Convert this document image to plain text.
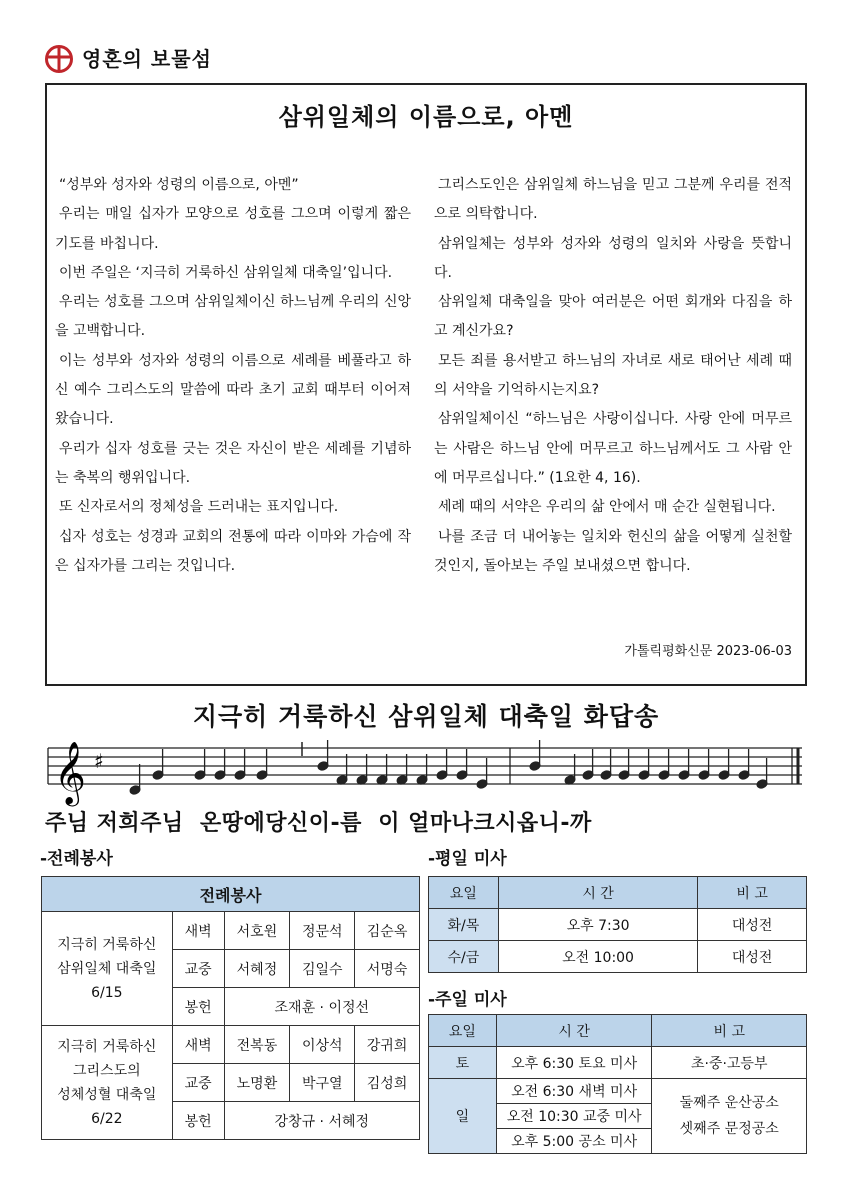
영혼의 보물섬
삼위일체의 이름으로, 아멘

“성부와 성자와 성령의 이름으로, 아멘”

우리는 매일 십자가 모양으로 성호를 그으며 이렇게 짧은 기도를 바칩니다.

이번 주일은 ‘지극히 거룩하신 삼위일체 대축일’입니다.

우리는 성호를 그으며 삼위일체이신 하느님께 우리의 신앙을 고백합니다.

이는 성부와 성자와 성령의 이름으로 세례를 베풀라고 하신 예수 그리스도의 말씀에 따라 초기 교회 때부터 이어져 왔습니다.

우리가 십자 성호를 긋는 것은 자신이 받은 세례를 기념하는 축복의 행위입니다.

또 신자로서의 정체성을 드러내는 표지입니다.

십자 성호는 성경과 교회의 전통에 따라 이마와 가슴에 작은 십자가를 그리는 것입니다.

그리스도인은 삼위일체 하느님을 믿고 그분께 우리를 전적으로 의탁합니다.

삼위일체는 성부와 성자와 성령의 일치와 사랑을 뜻합니다.

삼위일체 대축일을 맞아 여러분은 어떤 회개와 다짐을 하고 계신가요?

모든 죄를 용서받고 하느님의 자녀로 새로 태어난 세례 때의 서약을 기억하시는지요?

삼위일체이신 “하느님은 사랑이십니다. 사랑 안에 머무르는 사람은 하느님 안에 머무르고 하느님께서도 그 사람 안에 머무르십니다.” (1요한 4, 16).

세례 때의 서약은 우리의 삶 안에서 매 순간 실현됩니다.

나를 조금 더 내어놓는 일치와 헌신의 삶을 어떻게 실천할 것인지, 돌아보는 주일 보내셨으면 합니다.

가톨릭평화신문 2023-06-03
지극히 거룩하신 삼위일체 대축일 화답송
𝄞 ♯
주님 저희주님  온땅에당신이-름  이 얼마나크시옵니-까
-전례봉사
전례봉사				

지극히 거룩하신
삼위일체 대축일
6/15	새벽	서호원	정문석	김순옥
	교중	서혜정	김일수	서명숙
	봉헌	조재훈 · 이정선		

지극히 거룩하신
그리스도의
성체성혈 대축일
6/22	새벽	전복동	이상석	강귀희
	교중	노명환	박구열	김성희
	봉헌	강창규 · 서혜정		
-평일 미사
요일	시 간	비 고
화/목	오후 7:30	대성전
수/금	오전 10:00	대성전
-주일 미사
요일	시 간	비 고
토	오후 6:30 토요 미사	초·중·고등부
일	오전 6:30 새벽 미사	둘째주 운산공소
셋째주 문정공소

	오전 10:30 교중 미사	
	오후 5:00 공소 미사	
